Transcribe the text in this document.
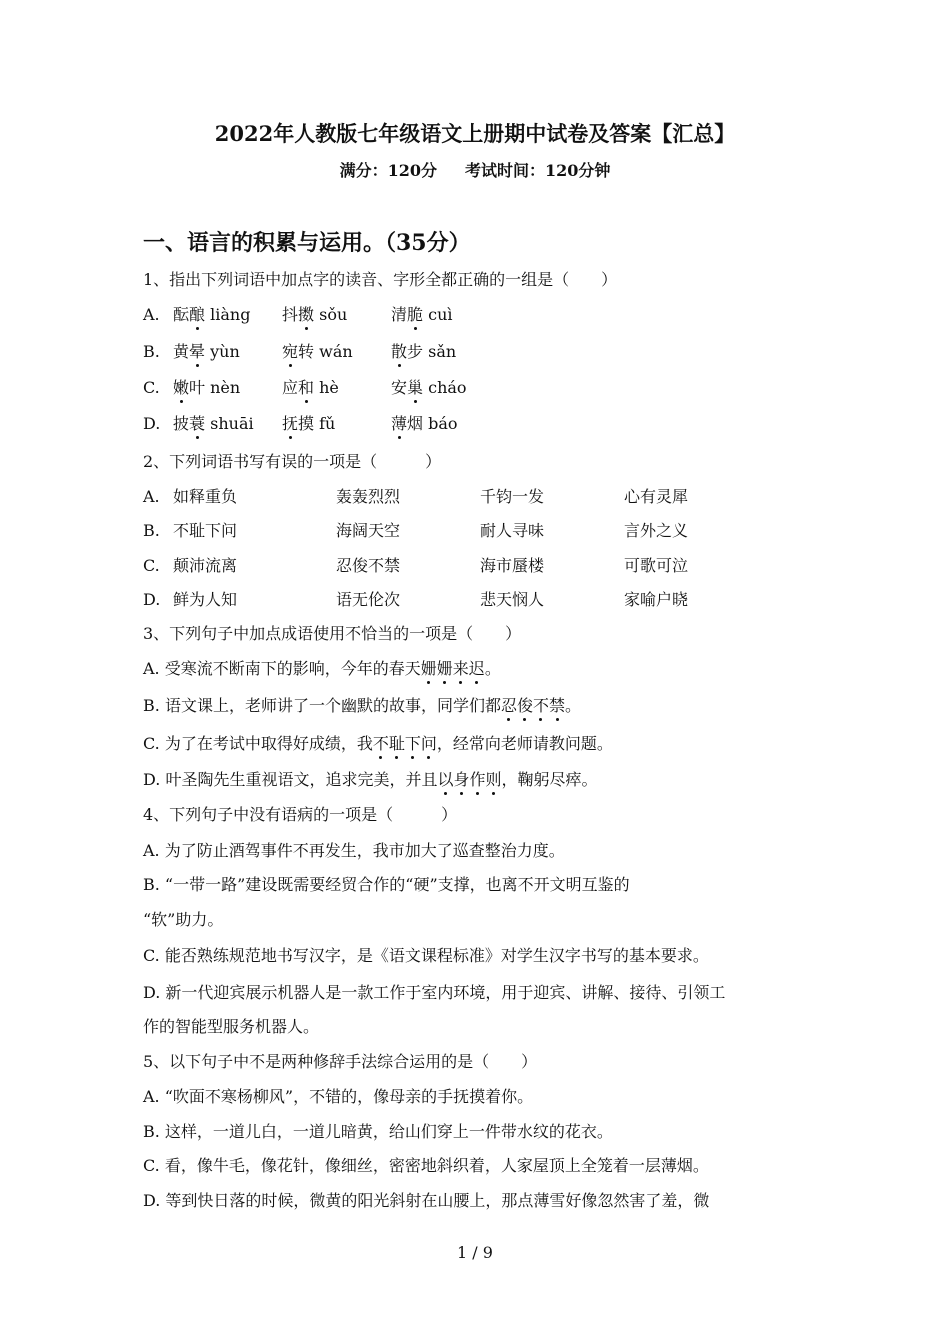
2022年人教版七年级语文上册期中试卷及答案【汇总】
满分：120分 考试时间：120分钟
一、语言的积累与运用。（35分）
1、指出下列词语中加点字的读音、字形全都正确的一组是（　　）
A. 酝酿 liàng 抖擞 sǒu	清脆 cuì
B. 黄晕 yùn	宛转 wán 散步 sǎn
C. 嫩叶 nèn	应和 hè	安巢 cháo
D. 披蓑 shuāi 抚摸 fǔ	薄烟 báo
2、下列词语书写有误的一项是（　　　）
A. 如释重负	轰轰烈烈	千钧一发	心有灵犀
B. 不耻下问	海阔天空	耐人寻味	言外之义
C. 颠沛流离	忍俊不禁	海市蜃楼	可歌可泣
D. 鲜为人知	语无伦次	悲天悯人	家喻户晓
3、下列句子中加点成语使用不恰当的一项是（　　）
A. 受寒流不断南下的影响，今年的春天姗姗来迟。
B. 语文课上，老师讲了一个幽默的故事，同学们都忍俊不禁。
C. 为了在考试中取得好成绩，我不耻下问，经常向老师请教问题。
D. 叶圣陶先生重视语文，追求完美，并且以身作则，鞠躬尽瘁。
4、下列句子中没有语病的一项是（　　　）
A. 为了防止酒驾事件不再发生，我市加大了巡查整治力度。
B. “一带一路”建设既需要经贸合作的“硬”支撑，也离不开文明互鉴的
“软”助力。
C. 能否熟练规范地书写汉字，是《语文课程标准》对学生汉字书写的基本要求。
D. 新一代迎宾展示机器人是一款工作于室内环境，用于迎宾、讲解、接待、引领工
作的智能型服务机器人。
5、以下句子中不是两种修辞手法综合运用的是（　　）
A. “吹面不寒杨柳风”，不错的，像母亲的手抚摸着你。
B. 这样，一道儿白，一道儿暗黄，给山们穿上一件带水纹的花衣。
C. 看，像牛毛，像花针，像细丝，密密地斜织着，人家屋顶上全笼着一层薄烟。
D. 等到快日落的时候，微黄的阳光斜射在山腰上，那点薄雪好像忽然害了羞，微
1 / 9
